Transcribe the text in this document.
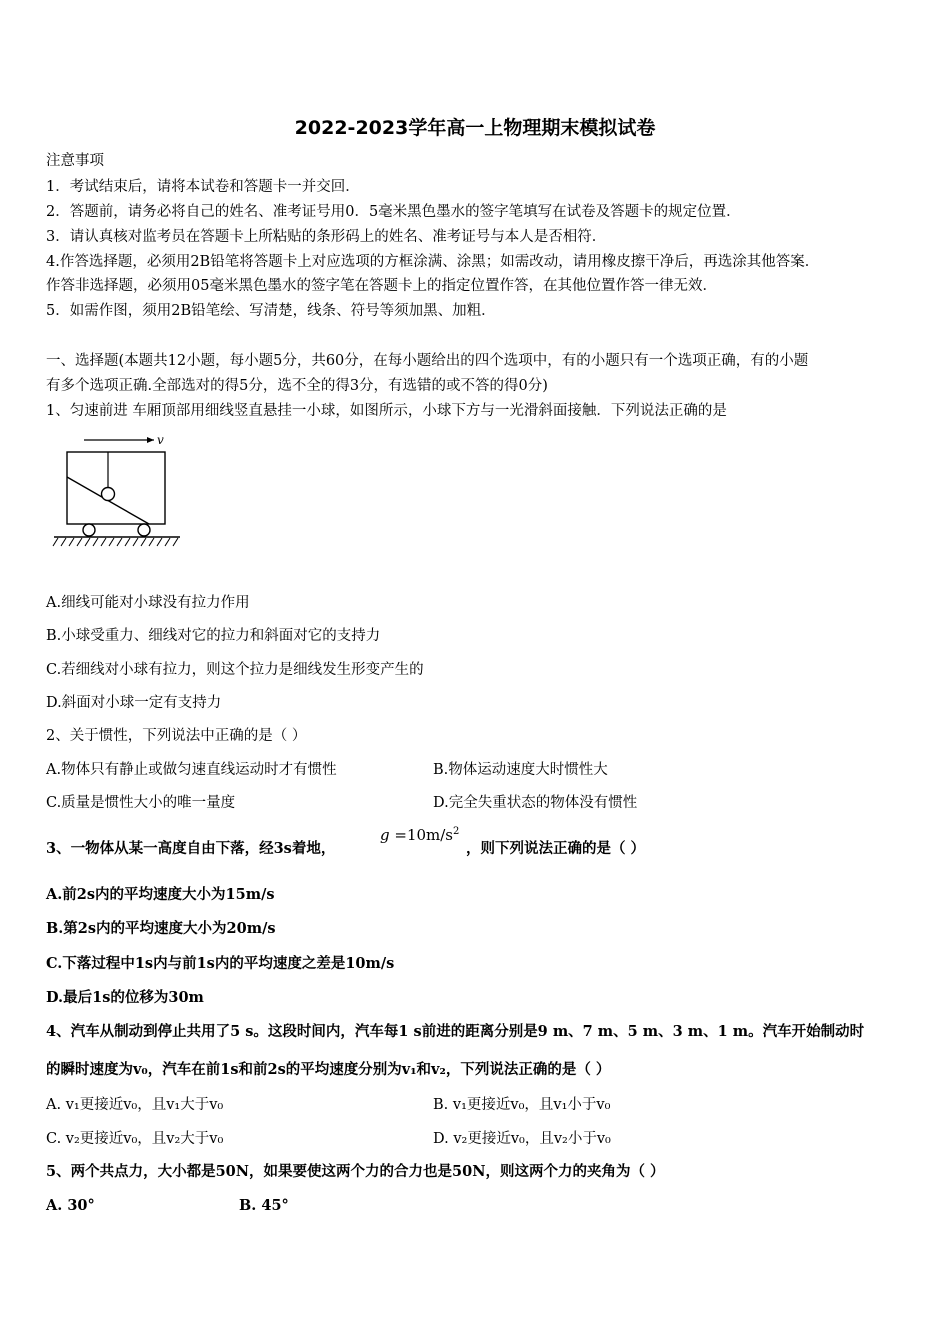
2022-2023学年高一上物理期末模拟试卷
注意事项
1．考试结束后，请将本试卷和答题卡一并交回．
2．答题前，请务必将自己的姓名、准考证号用0．5毫米黑色墨水的签字笔填写在试卷及答题卡的规定位置．
3．请认真核对监考员在答题卡上所粘贴的条形码上的姓名、准考证号与本人是否相符．
4.作答选择题，必须用2B铅笔将答题卡上对应选项的方框涂满、涂黑；如需改动，请用橡皮擦干净后，再选涂其他答案．
作答非选择题，必须用05毫米黑色墨水的签字笔在答题卡上的指定位置作答，在其他位置作答一律无效．
5．如需作图，须用2B铅笔绘、写清楚，线条、符号等须加黑、加粗．
一、选择题(本题共12小题，每小题5分，共60分，在每小题给出的四个选项中，有的小题只有一个选项正确，有的小题
有多个选项正确.全部选对的得5分，选不全的得3分，有选错的或不答的得0分)
1、匀速前进 车厢顶部用细线竖直悬挂一小球，如图所示，小球下方与一光滑斜面接触．下列说法正确的是
v
A.细线可能对小球没有拉力作用
B.小球受重力、细线对它的拉力和斜面对它的支持力
C.若细线对小球有拉力，则这个拉力是细线发生形变产生的
D.斜面对小球一定有支持力
2、关于惯性，下列说法中正确的是（ ）
A.物体只有静止或做匀速直线运动时才有惯性	B.物体运动速度大时惯性大
C.质量是惯性大小的唯一量度	D.完全失重状态的物体没有惯性
3、一物体从某一高度自由下落，经3s着地，
$g =10m/s^2$
，则下列说法正确的是（ ）
A.前2s内的平均速度大小为15m/s
B.第2s内的平均速度大小为20m/s
C.下落过程中1s内与前1s内的平均速度之差是10m/s
D.最后1s的位移为30m
4、汽车从制动到停止共用了5 s。这段时间内，汽车每1 s前进的距离分别是9 m、7 m、5 m、3 m、1 m。汽车开始制动时
的瞬时速度为v₀，汽车在前1s和前2s的平均速度分别为v₁和v₂，下列说法正确的是（ ）
A. v₁更接近v₀，且v₁大于v₀	B. v₁更接近v₀，且v₁小于v₀
C. v₂更接近v₀，且v₂大于v₀	D. v₂更接近v₀，且v₂小于v₀
5、两个共点力，大小都是50N，如果要使这两个力的合力也是50N，则这两个力的夹角为（ ）
A. 30°	B. 45°
